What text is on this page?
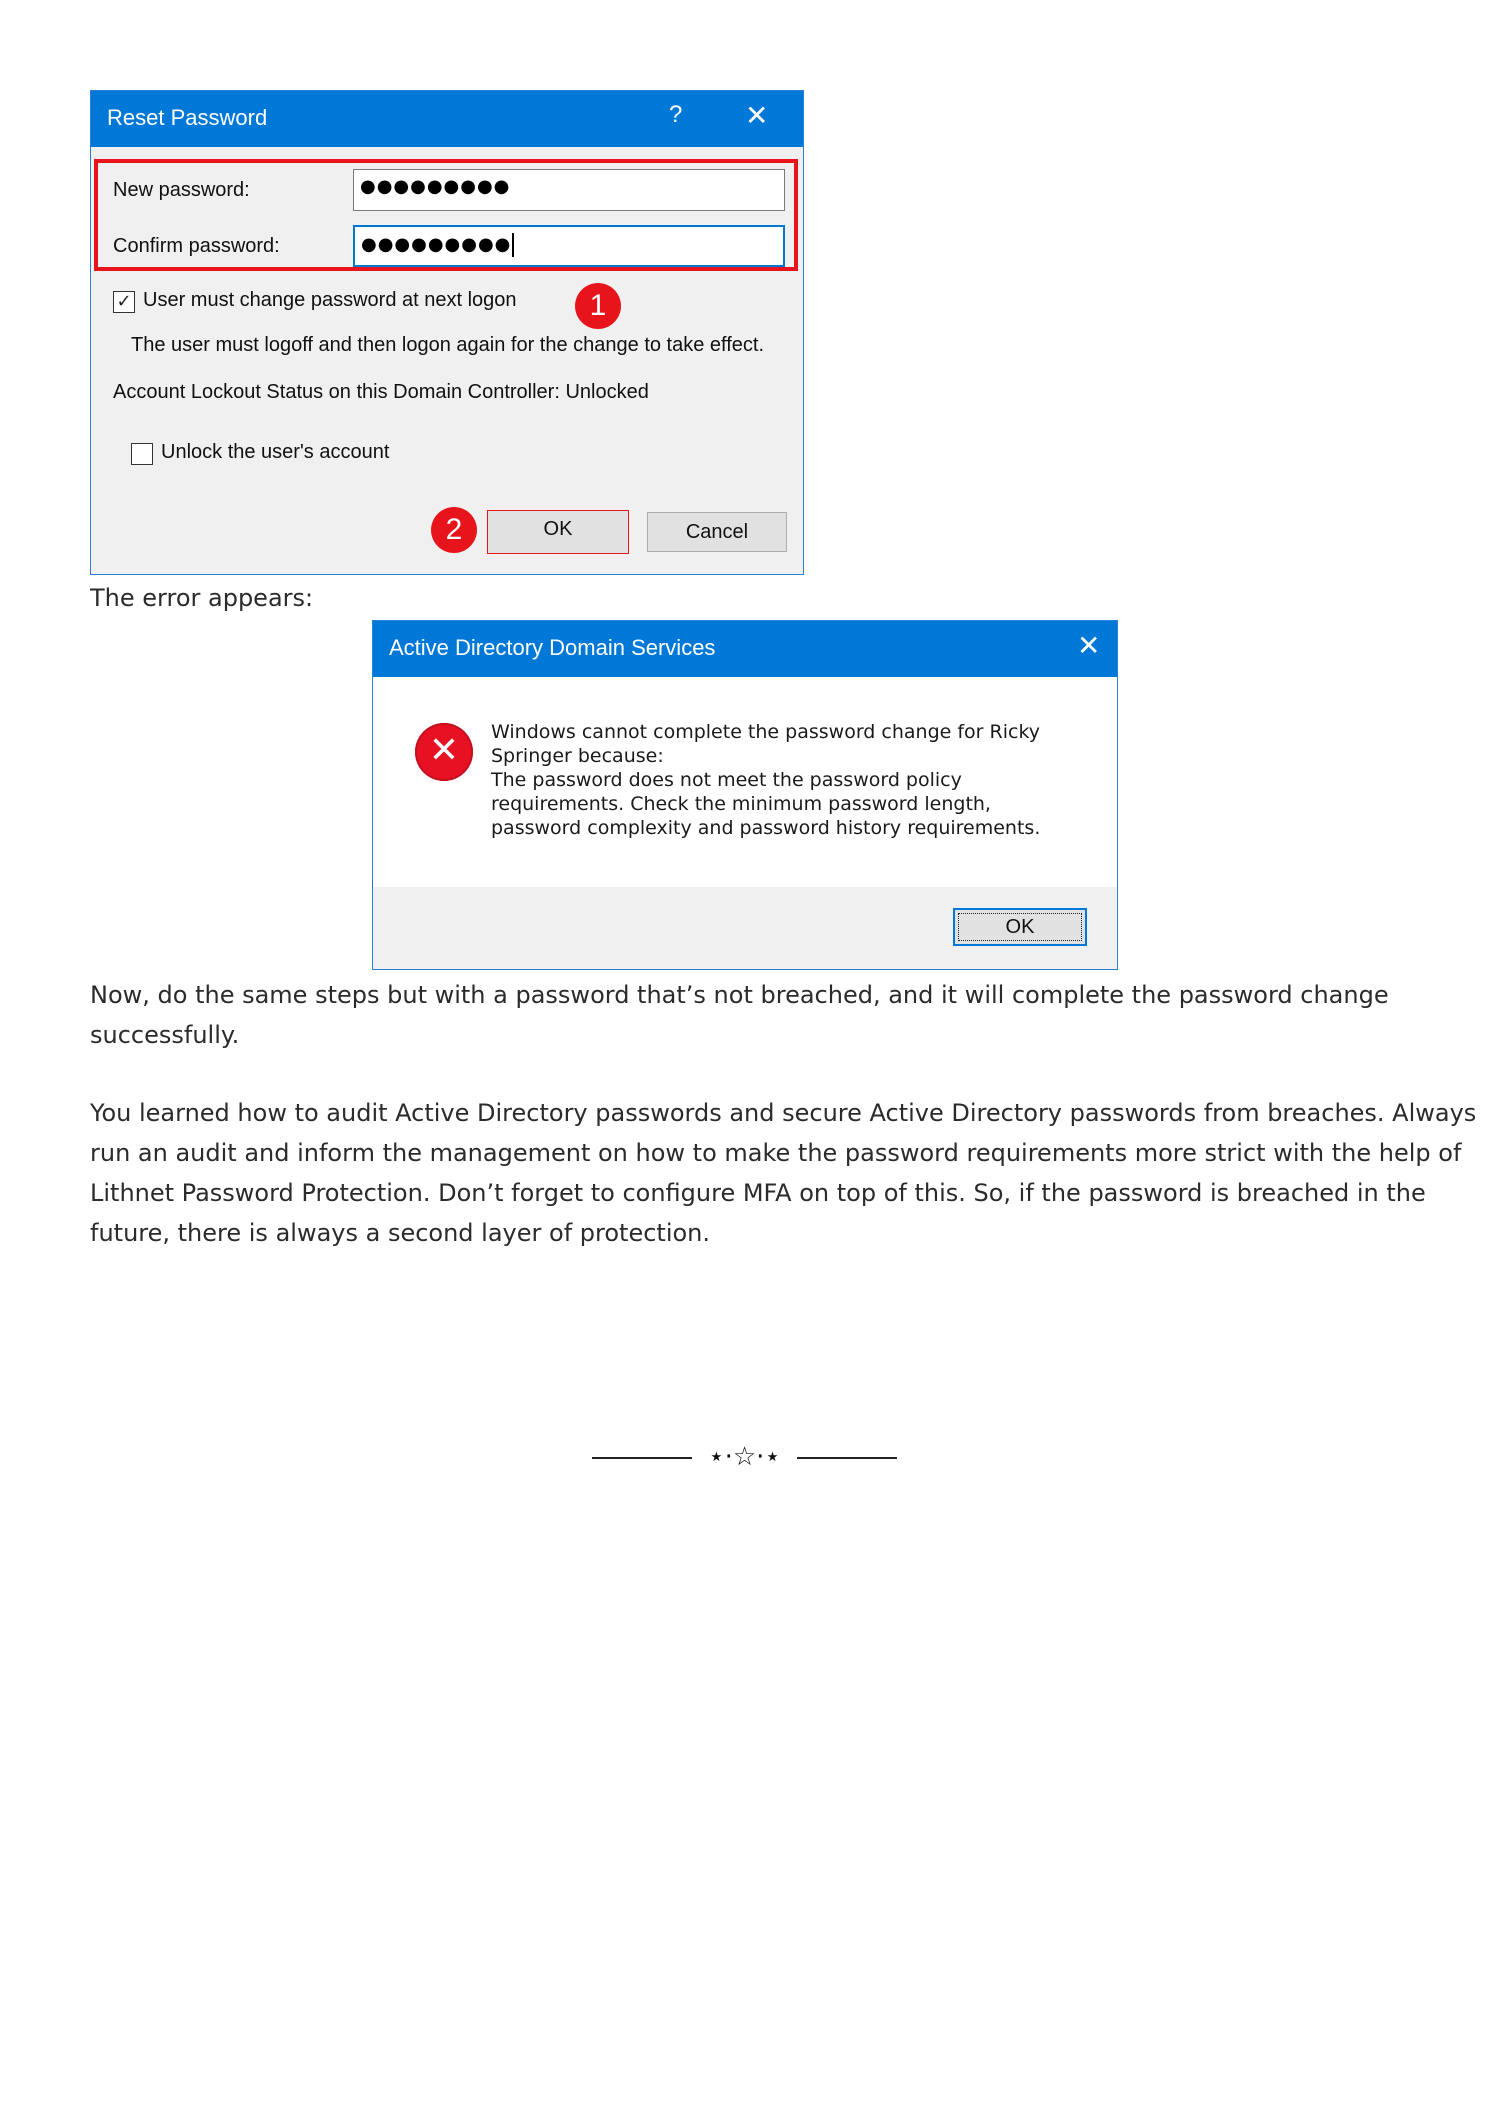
Reset Password	? ✕
New password:	●●●●●●●●●
Confirm password:	●●●●●●●●●
✓ User must change password at next logon	1
The user must logoff and then logon again for the change to take effect.
Account Lockout Status on this Domain Controller: Unlocked
Unlock the user's account
2	OK	Cancel
The error appears:
Active Directory Domain Services	✕
✕	Windows cannot complete the password change for Ricky
Springer because:
The password does not meet the password policy
requirements. Check the minimum password length,
password complexity and password history requirements.
OK
Now, do the same steps but with a password that’s not breached, and it will complete the password change
successfully.
You learned how to audit Active Directory passwords and secure Active Directory passwords from breaches. Always
run an audit and inform the management on how to make the password requirements more strict with the help of
Lithnet Password Protection. Don’t forget to configure MFA on top of this. So, if the password is breached in the
future, there is always a second layer of protection.
⋆⋅☆⋅⋆
